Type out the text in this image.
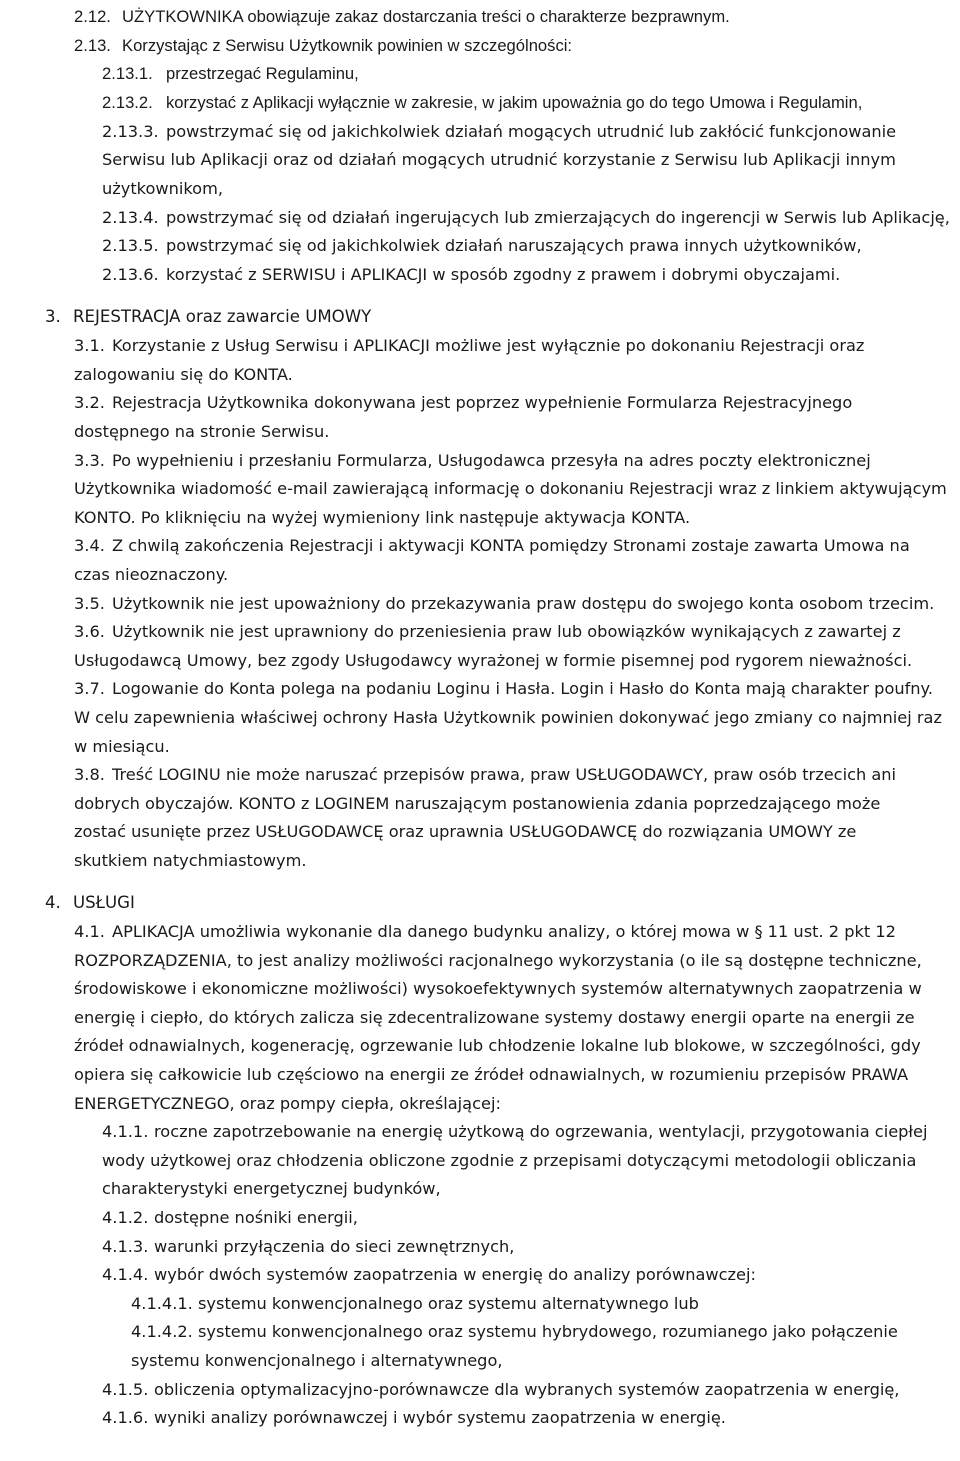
2.12. UŻYTKOWNIKA obowiązuje zakaz dostarczania treści o charakterze bezprawnym.
2.13. Korzystając z Serwisu Użytkownik powinien w szczególności:
2.13.1. przestrzegać Regulaminu,
2.13.2. korzystać z Aplikacji wyłącznie w zakresie, w jakim upoważnia go do tego Umowa i Regulamin,
2.13.3. powstrzymać się od jakichkolwiek działań mogących utrudnić lub zakłócić funkcjonowanie
Serwisu lub Aplikacji oraz od działań mogących utrudnić korzystanie z Serwisu lub Aplikacji innym
użytkownikom,
2.13.4. powstrzymać się od działań ingerujących lub zmierzających do ingerencji w Serwis lub Aplikację,
2.13.5. powstrzymać się od jakichkolwiek działań naruszających prawa innych użytkowników,
2.13.6. korzystać z SERWISU i APLIKACJI w sposób zgodny z prawem i dobrymi obyczajami.
3. REJESTRACJA oraz zawarcie UMOWY
3.1. Korzystanie z Usług Serwisu i APLIKACJI możliwe jest wyłącznie po dokonaniu Rejestracji oraz
zalogowaniu się do KONTA.
3.2. Rejestracja Użytkownika dokonywana jest poprzez wypełnienie Formularza Rejestracyjnego
dostępnego na stronie Serwisu.
3.3. Po wypełnieniu i przesłaniu Formularza, Usługodawca przesyła na adres poczty elektronicznej
Użytkownika wiadomość e-mail zawierającą informację o dokonaniu Rejestracji wraz z linkiem aktywującym
KONTO. Po kliknięciu na wyżej wymieniony link następuje aktywacja KONTA.
3.4. Z chwilą zakończenia Rejestracji i aktywacji KONTA pomiędzy Stronami zostaje zawarta Umowa na
czas nieoznaczony.
3.5. Użytkownik nie jest upoważniony do przekazywania praw dostępu do swojego konta osobom trzecim.
3.6. Użytkownik nie jest uprawniony do przeniesienia praw lub obowiązków wynikających z zawartej z
Usługodawcą Umowy, bez zgody Usługodawcy wyrażonej w formie pisemnej pod rygorem nieważności.
3.7. Logowanie do Konta polega na podaniu Loginu i Hasła. Login i Hasło do Konta mają charakter poufny.
W celu zapewnienia właściwej ochrony Hasła Użytkownik powinien dokonywać jego zmiany co najmniej raz
w miesiącu.
3.8. Treść LOGINU nie może naruszać przepisów prawa, praw USŁUGODAWCY, praw osób trzecich ani
dobrych obyczajów. KONTO z LOGINEM naruszającym postanowienia zdania poprzedzającego może
zostać usunięte przez USŁUGODAWCĘ oraz uprawnia USŁUGODAWCĘ do rozwiązania UMOWY ze
skutkiem natychmiastowym.
4. USŁUGI
4.1. APLIKACJA umożliwia wykonanie dla danego budynku analizy, o której mowa w § 11 ust. 2 pkt 12
ROZPORZĄDZENIA, to jest analizy możliwości racjonalnego wykorzystania (o ile są dostępne techniczne,
środowiskowe i ekonomiczne możliwości) wysokoefektywnych systemów alternatywnych zaopatrzenia w
energię i ciepło, do których zalicza się zdecentralizowane systemy dostawy energii oparte na energii ze
źródeł odnawialnych, kogenerację, ogrzewanie lub chłodzenie lokalne lub blokowe, w szczególności, gdy
opiera się całkowicie lub częściowo na energii ze źródeł odnawialnych, w rozumieniu przepisów PRAWA
ENERGETYCZNEGO, oraz pompy ciepła, określającej:
4.1.1. roczne zapotrzebowanie na energię użytkową do ogrzewania, wentylacji, przygotowania ciepłej
wody użytkowej oraz chłodzenia obliczone zgodnie z przepisami dotyczącymi metodologii obliczania
charakterystyki energetycznej budynków,
4.1.2. dostępne nośniki energii,
4.1.3. warunki przyłączenia do sieci zewnętrznych,
4.1.4. wybór dwóch systemów zaopatrzenia w energię do analizy porównawczej:
4.1.4.1. systemu konwencjonalnego oraz systemu alternatywnego lub
4.1.4.2. systemu konwencjonalnego oraz systemu hybrydowego, rozumianego jako połączenie
systemu konwencjonalnego i alternatywnego,
4.1.5. obliczenia optymalizacyjno-porównawcze dla wybranych systemów zaopatrzenia w energię,
4.1.6. wyniki analizy porównawczej i wybór systemu zaopatrzenia w energię.
